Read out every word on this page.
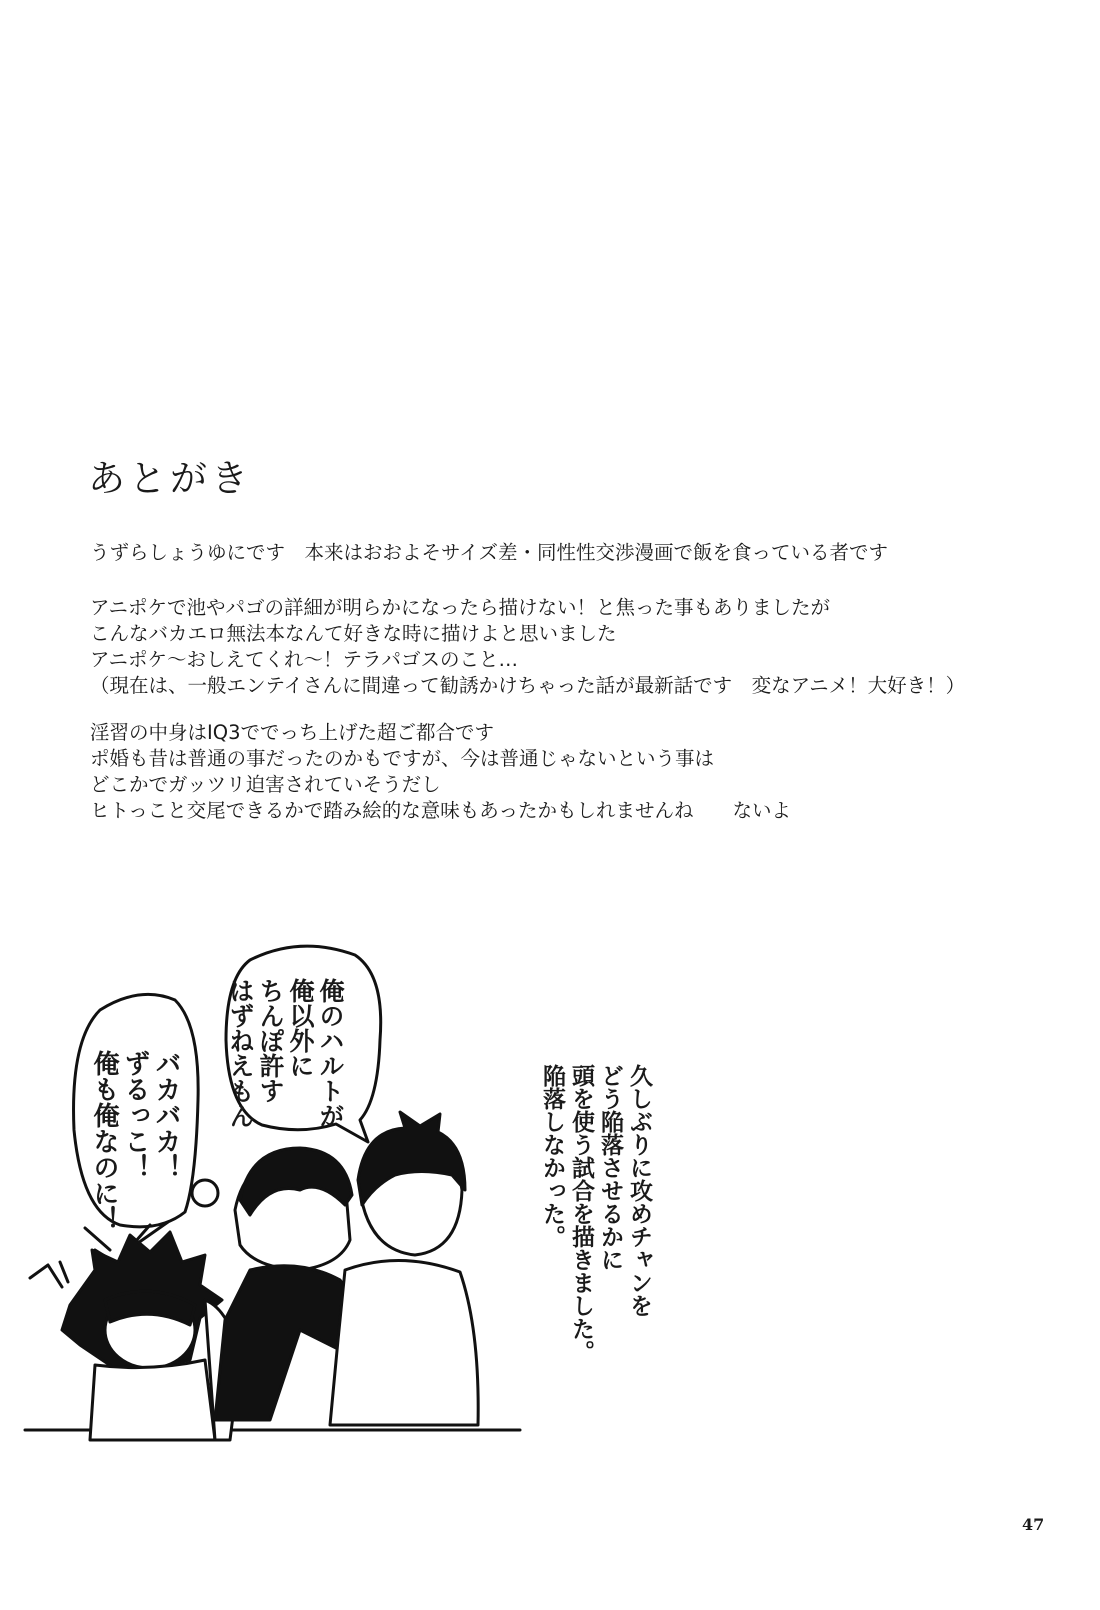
あとがき
うずらしょうゆにです　本来はおおよそサイズ差・同性性交渉漫画で飯を食っている者です
アニポケで池やパゴの詳細が明らかになったら描けない！と焦った事もありましたが
こんなバカエロ無法本なんて好きな時に描けよと思いました
アニポケ〜おしえてくれ〜！テラパゴスのこと…
（現在は、一般エンテイさんに間違って勧誘かけちゃった話が最新話です　変なアニメ！大好き！）
淫習の中身はIQ3ででっち上げた超ご都合です
ポ婚も昔は普通の事だったのかもですが、今は普通じゃないという事は
どこかでガッツリ迫害されていそうだし
ヒトっこと交尾できるかで踏み絵的な意味もあったかもしれませんね　　ないよ
俺のハルトが
俺以外に
ちんぽ許す
はずねえもん
バカバカ！
ずるっこ！
俺も俺なのに！	久しぶりに攻めチャンを
どう陥落させるかに
頭を使う試合を描きました。
陥落しなかった。
47
